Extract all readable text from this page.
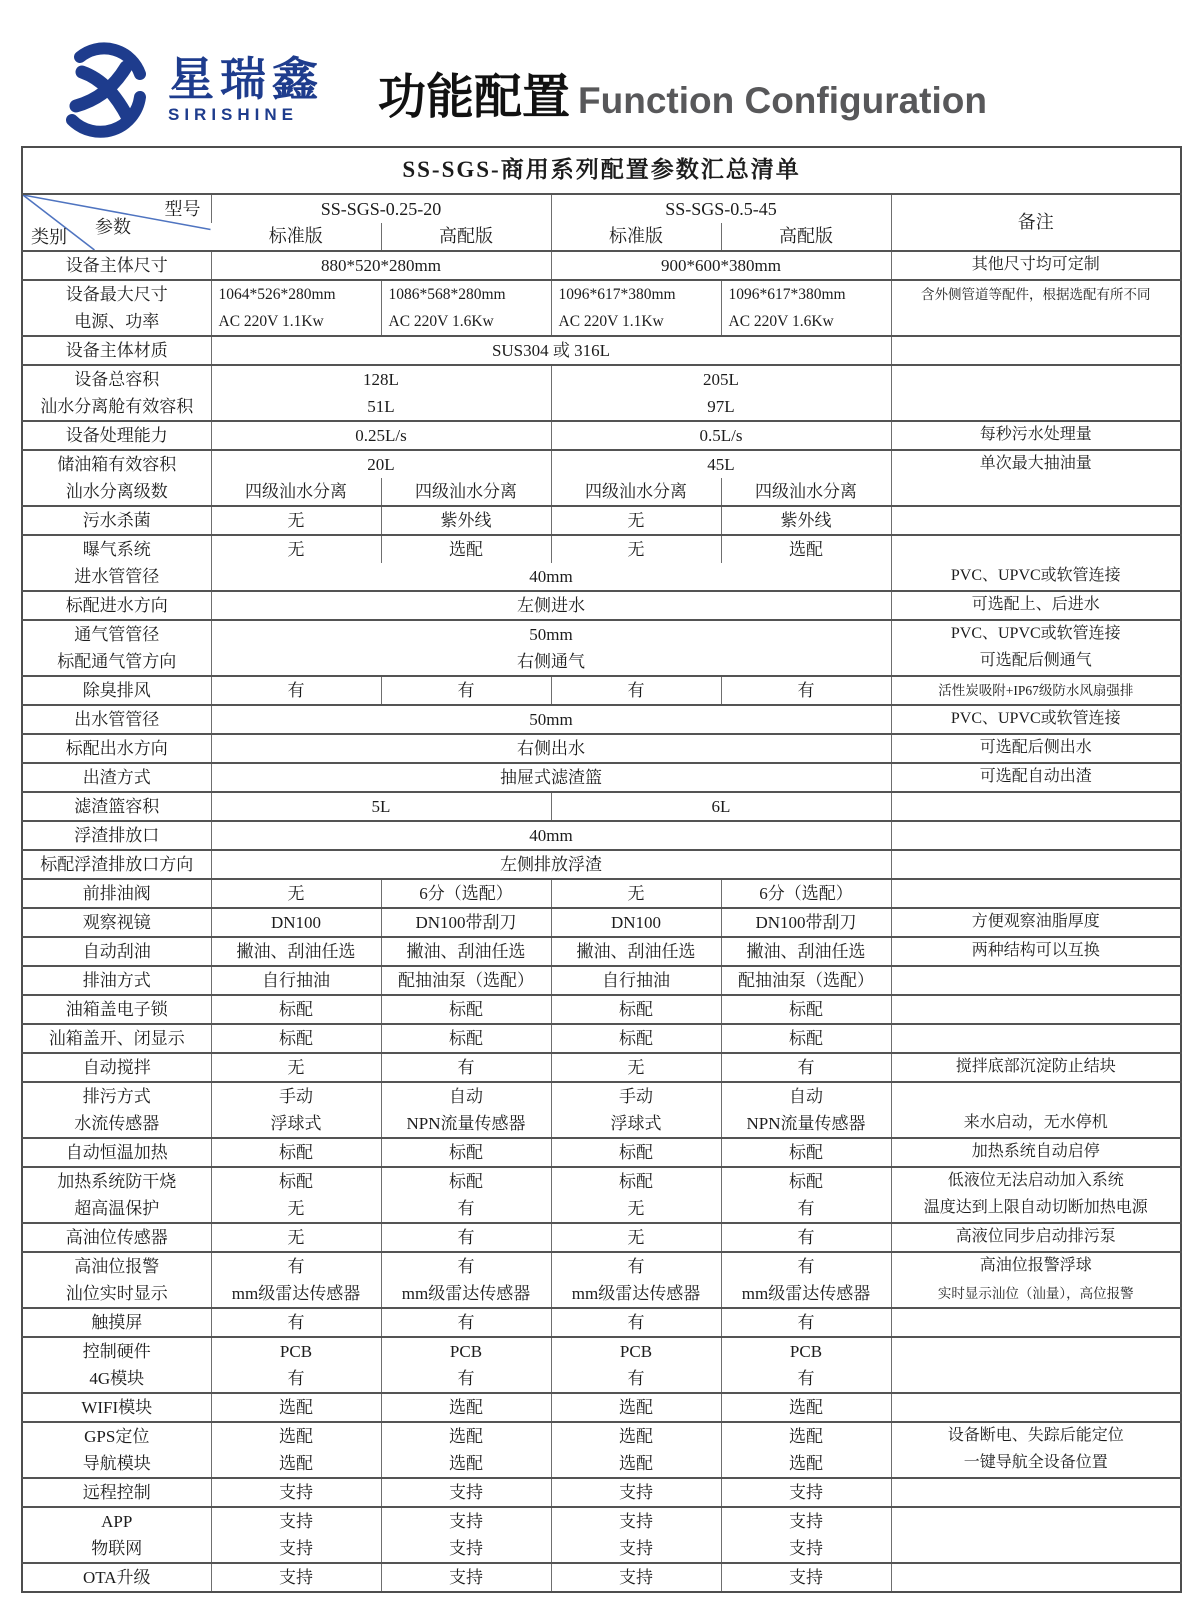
星瑞鑫
SIRISHINE 功能配置 Function Configuration
SS-SGS-商用系列配置参数汇总清单					

型号
参数
类别	SS-SGS-0.25-20		SS-SGS-0.5-45		备注
	标准版	高配版	标准版	高配版	
设备主体尺寸	880*520*280mm		900*600*380mm		其他尺寸均可定制
设备最大尺寸	1064*526*280mm	1086*568*280mm	1096*617*380mm	1096*617*380mm	含外侧管道等配件，根据选配有所不同
电源、功率	AC 220V 1.1Kw	AC 220V 1.6Kw	AC 220V 1.1Kw	AC 220V 1.6Kw	
设备主体材质	SUS304 或 316L				
设备总容积	128L		205L		
汕水分离舱有效容积	51L		97L		
设备处理能力	0.25L/s		0.5L/s		每秒污水处理量
储油箱有效容积	20L		45L		单次最大抽油量
汕水分离级数	四级汕水分离	四级汕水分离	四级汕水分离	四级汕水分离	
污水杀菌	无	紫外线	无	紫外线	
曝气系统	无	选配	无	选配	
进水管管径	40mm				PVC、UPVC或软管连接
标配进水方向	左侧进水				可选配上、后进水
通气管管径	50mm				PVC、UPVC或软管连接
标配通气管方向	右侧通气				可选配后侧通气
除臭排风	有	有	有	有	活性炭吸附+IP67级防水风扇强排
出水管管径	50mm				PVC、UPVC或软管连接
标配出水方向	右侧出水				可选配后侧出水
出渣方式	抽屉式滤渣篮				可选配自动出渣
滤渣篮容积	5L		6L		
浮渣排放口	40mm				
标配浮渣排放口方向	左侧排放浮渣				
前排油阀	无	6分（选配）	无	6分（选配）	
观察视镜	DN100	DN100带刮刀	DN100	DN100带刮刀	方便观察油脂厚度
自动刮油	撇油、刮油任选	撇油、刮油任选	撇油、刮油任选	撇油、刮油任选	两种结构可以互换
排油方式	自行抽油	配抽油泵（选配）	自行抽油	配抽油泵（选配）	
油箱盖电子锁	标配	标配	标配	标配	
汕箱盖开、闭显示	标配	标配	标配	标配	
自动搅拌	无	有	无	有	搅拌底部沉淀防止结块
排污方式	手动	自动	手动	自动	
水流传感器	浮球式	NPN流量传感器	浮球式	NPN流量传感器	来水启动，无水停机
自动恒温加热	标配	标配	标配	标配	加热系统自动启停
加热系统防干烧	标配	标配	标配	标配	低液位无法启动加入系统
超高温保护	无	有	无	有	温度达到上限自动切断加热电源
高油位传感器	无	有	无	有	高液位同步启动排污泵
高油位报警	有	有	有	有	高油位报警浮球
汕位实时显示	mm级雷达传感器	mm级雷达传感器	mm级雷达传感器	mm级雷达传感器	实时显示汕位（汕量），高位报警
触摸屏	有	有	有	有	
控制硬件	PCB	PCB	PCB	PCB	
4G模块	有	有	有	有	
WIFI模块	选配	选配	选配	选配	
GPS定位	选配	选配	选配	选配	设备断电、失踪后能定位
导航模块	选配	选配	选配	选配	一键导航全设备位置
远程控制	支持	支持	支持	支持	
APP	支持	支持	支持	支持	
物联网	支持	支持	支持	支持	
OTA升级	支持	支持	支持	支持	
